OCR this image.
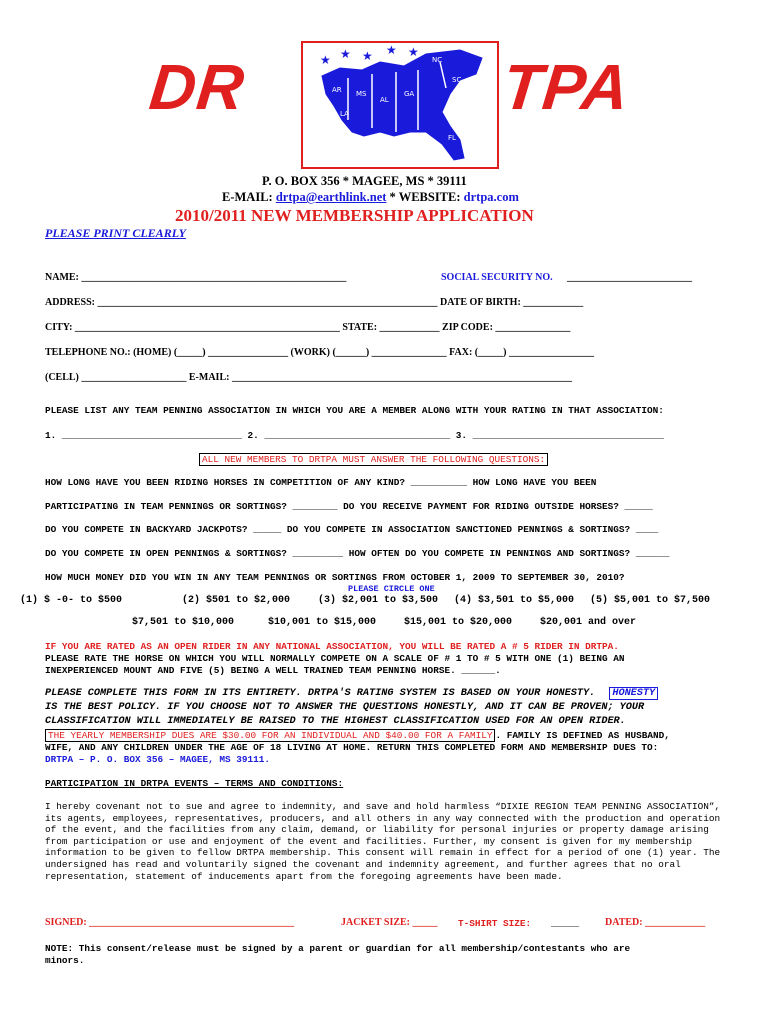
DR	TPA
NC
SC
AR MS
AL
GA
LA
FL
★ ★ ★ ★ ★
P. O. BOX 356 * MAGEE, MS * 39111
E-MAIL: drtpa@earthlink.net * WEBSITE: drtpa.com
2010/2011 NEW MEMBERSHIP APPLICATION
PLEASE PRINT CLEARLY
NAME: _____________________________________________________	SOCIAL SECURITY NO. _________________________
ADDRESS: ____________________________________________________________________ DATE OF BIRTH: ____________
CITY: _____________________________________________________ STATE: ____________ ZIP CODE: _______________
TELEPHONE NO.: (HOME) (_____) ________________ (WORK) (______) _______________ FAX: (_____) _________________
(CELL) _____________________ E-MAIL: ____________________________________________________________________
PLEASE LIST ANY TEAM PENNING ASSOCIATION IN WHICH YOU ARE A MEMBER ALONG WITH YOUR RATING IN THAT ASSOCIATION:
1. ________________________________ 2. _________________________________ 3. __________________________________
ALL NEW MEMBERS TO DRTPA MUST ANSWER THE FOLLOWING QUESTIONS:
HOW LONG HAVE YOU BEEN RIDING HORSES IN COMPETITION OF ANY KIND? __________ HOW LONG HAVE YOU BEEN
PARTICIPATING IN TEAM PENNINGS OR SORTINGS? ________ DO YOU RECEIVE PAYMENT FOR RIDING OUTSIDE HORSES? _____
DO YOU COMPETE IN BACKYARD JACKPOTS? _____ DO YOU COMPETE IN ASSOCIATION SANCTIONED PENNINGS & SORTINGS? ____
DO YOU COMPETE IN OPEN PENNINGS & SORTINGS? _________ HOW OFTEN DO YOU COMPETE IN PENNINGS AND SORTINGS? ______
HOW MUCH MONEY DID YOU WIN IN ANY TEAM PENNINGS OR SORTINGS FROM OCTOBER 1, 2009 TO SEPTEMBER 30, 2010?
PLEASE CIRCLE ONE
(1) $ -0- to $500	(2) $501 to $2,000	(3) $2,001 to $3,500 (4) $3,501 to $5,000 (5) $5,001 to $7,500
$7,501 to $10,000	$10,001 to $15,000	$15,001 to $20,000	$20,001 and over
IF YOU ARE RATED AS AN OPEN RIDER IN ANY NATIONAL ASSOCIATION, YOU WILL BE RATED A # 5 RIDER IN DRTPA.
PLEASE RATE THE HORSE ON WHICH YOU WILL NORMALLY COMPETE ON A SCALE OF # 1 TO # 5 WITH ONE (1) BEING AN
INEXPERIENCED MOUNT AND FIVE (5) BEING A WELL TRAINED TEAM PENNING HORSE. ______.
PLEASE COMPLETE THIS FORM IN ITS ENTIRETY. DRTPA'S RATING SYSTEM IS BASED ON YOUR HONESTY. HONESTY
IS THE BEST POLICY. IF YOU CHOOSE NOT TO ANSWER THE QUESTIONS HONESTLY, AND IT CAN BE PROVEN; YOUR
CLASSIFICATION WILL IMMEDIATELY BE RAISED TO THE HIGHEST CLASSIFICATION USED FOR AN OPEN RIDER.
THE YEARLY MEMBERSHIP DUES ARE $30.00 FOR AN INDIVIDUAL AND $40.00 FOR A FAMILY . FAMILY IS DEFINED AS HUSBAND,
WIFE, AND ANY CHILDREN UNDER THE AGE OF 18 LIVING AT HOME. RETURN THIS COMPLETED FORM AND MEMBERSHIP DUES TO:
DRTPA – P. O. BOX 356 – MAGEE, MS 39111.
PARTICIPATION IN DRTPA EVENTS – TERMS AND CONDITIONS:
I hereby covenant not to sue and agree to indemnity, and save and hold harmless “DIXIE REGION TEAM PENNING ASSOCIATION”, its agents, employees, representatives, producers, and all others in any way connected with the production and operation of the event, and the facilities from any claim, demand, or liability for personal injuries or property damage arising from participation or use and enjoyment of the event and facilities. Further, my consent is given for my membership information to be given to fellow DRTPA membership. This consent will remain in effect for a period of one (1) year. The undersigned has read and voluntarily signed the covenant and indemnity agreement, and further agrees that no oral representation, statement of inducements apart from the foregoing agreements have been made.
SIGNED: _________________________________________	JACKET SIZE: _____ T-SHIRT SIZE: _____	DATED: ____________
NOTE: This consent/release must be signed by a parent or guardian for all membership/contestants who are
minors.
